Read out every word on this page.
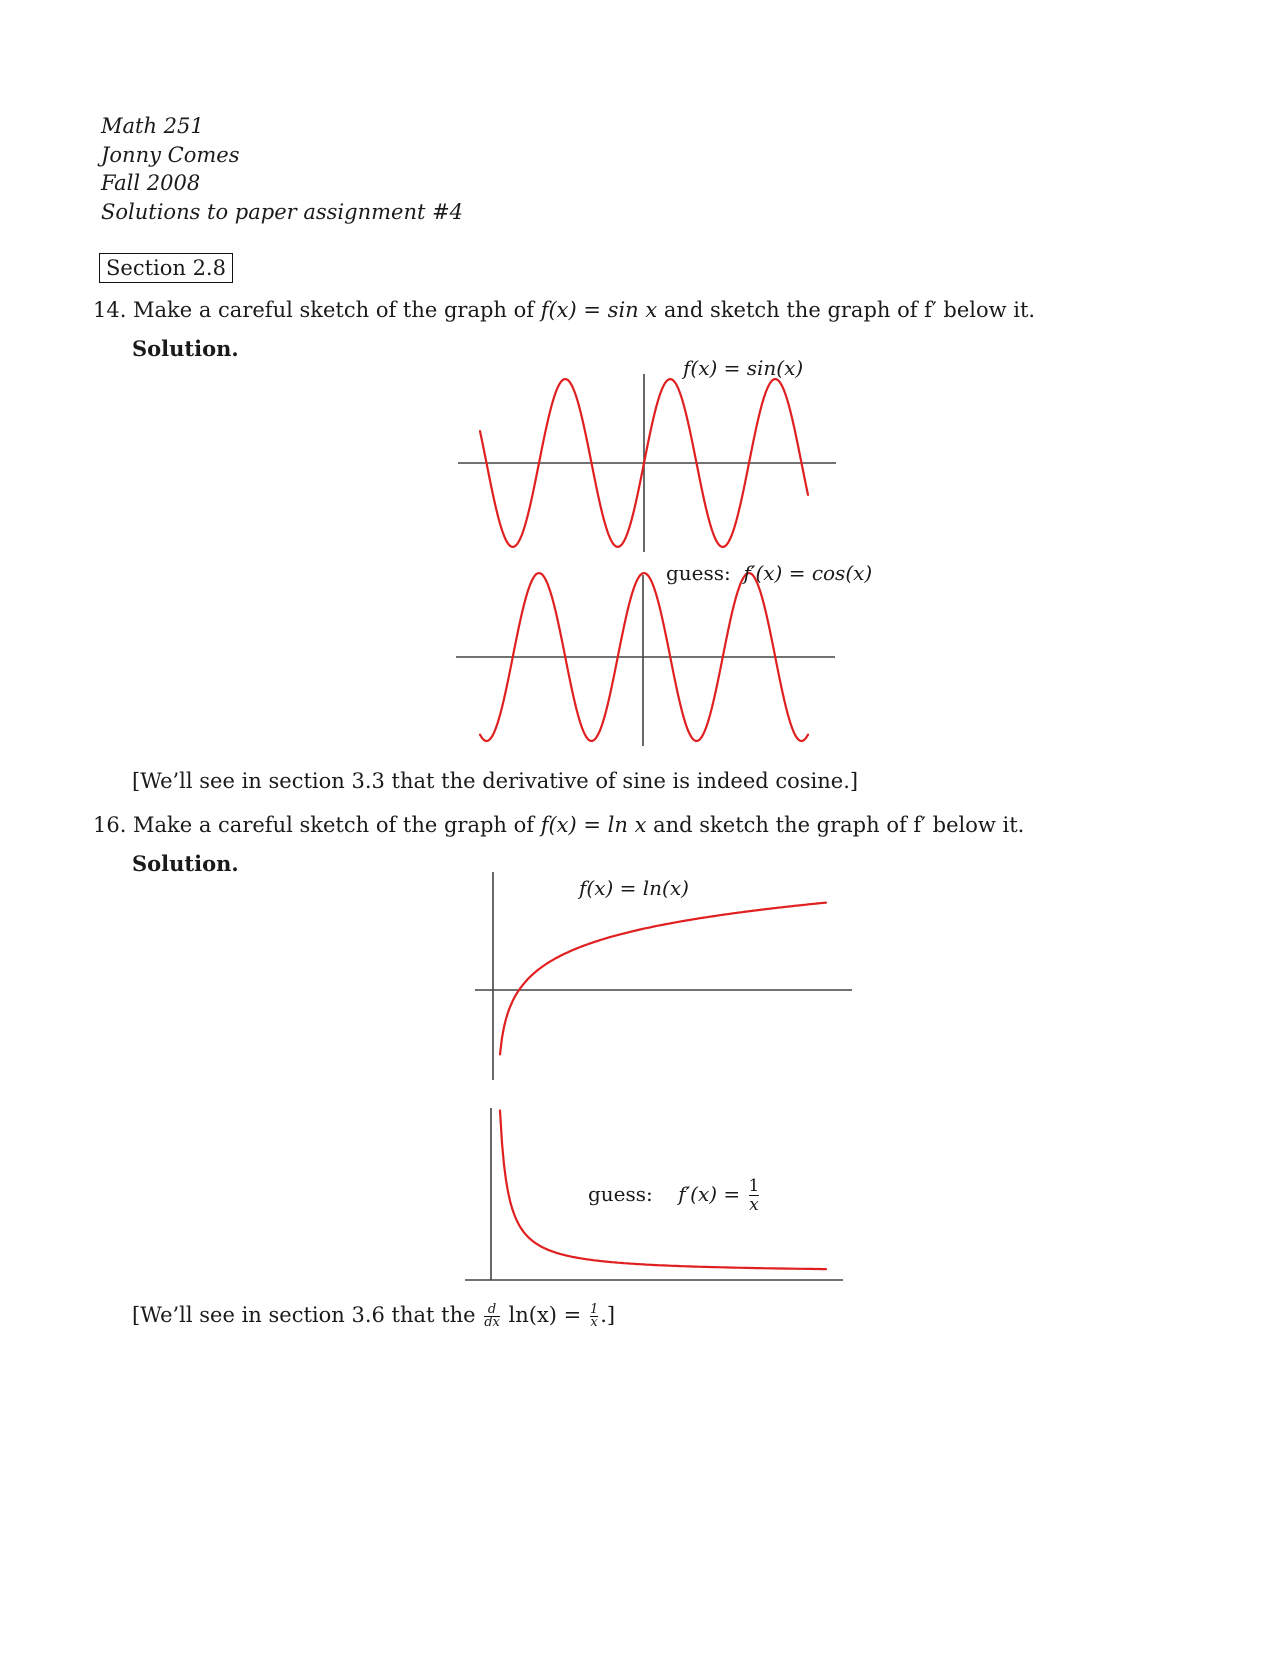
Math 251
Jonny Comes
Fall 2008
Solutions to paper assignment #4
Section 2.8
14. Make a careful sketch of the graph of f(x) = sin x and sketch the graph of f′ below it.
Solution.
16. Make a careful sketch of the graph of f(x) = ln x and sketch the graph of f′ below it.
Solution.
f(x) = sin(x)
guess: f′(x) = cos(x)
f(x) = ln(x)
guess: $f'(x) = \frac{1}{x}$
[We’ll see in section 3.3 that the derivative of sine is indeed cosine.]
[We’ll see in section 3.6 that the $\frac{d}{dx} \ln(x) = \frac{1}{x}$ .]
